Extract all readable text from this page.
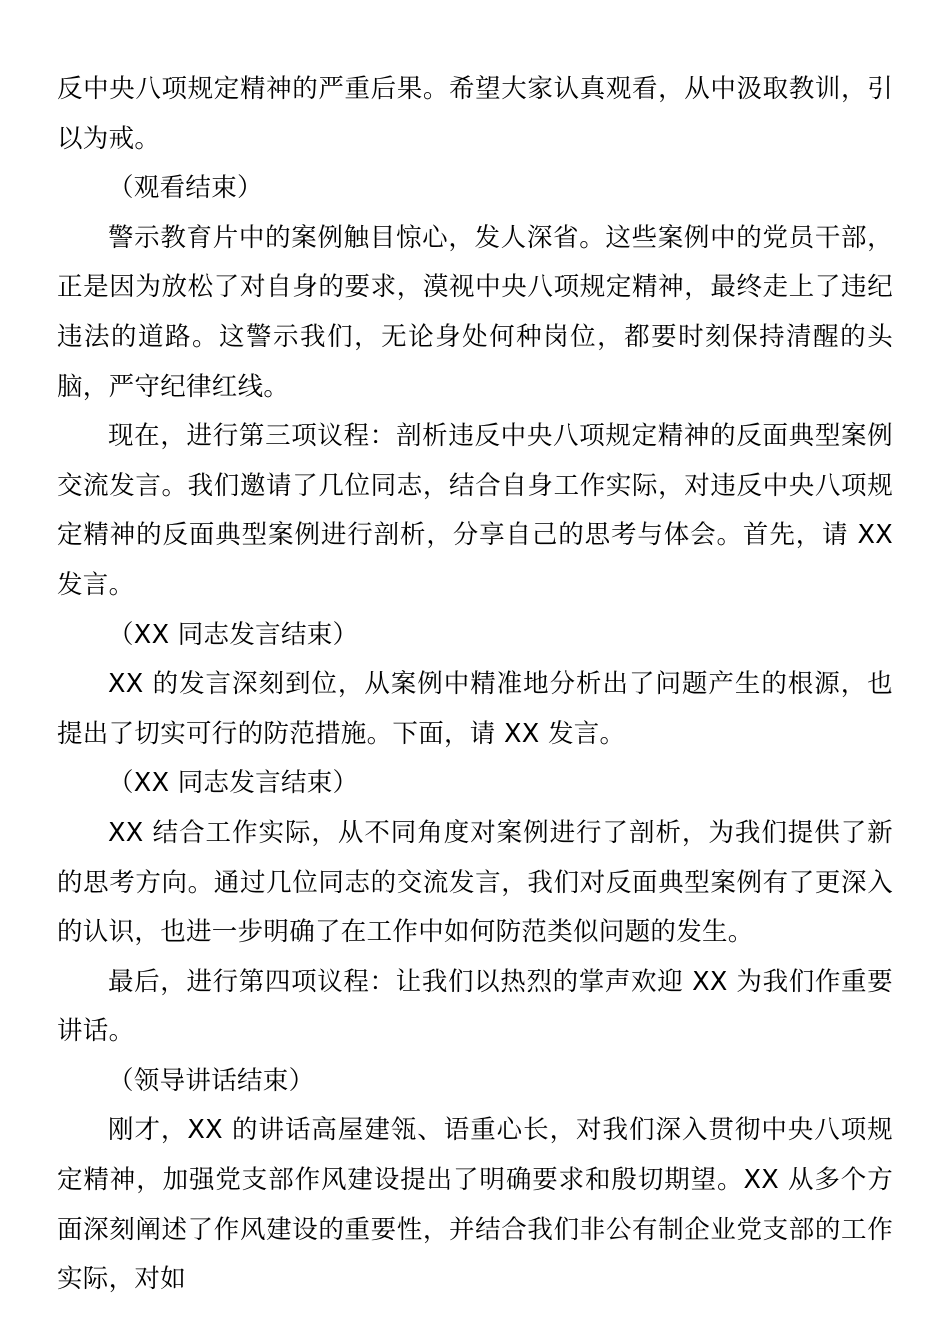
反中央八项规定精神的严重后果。希望大家认真观看，从中汲取教训，引以为戒。

（观看结束）

警示教育片中的案例触目惊心，发人深省。这些案例中的党员干部，正是因为放松了对自身的要求，漠视中央八项规定精神，最终走上了违纪违法的道路。这警示我们，无论身处何种岗位，都要时刻保持清醒的头脑，严守纪律红线。

现在，进行第三项议程：剖析违反中央八项规定精神的反面典型案例交流发言。我们邀请了几位同志，结合自身工作实际，对违反中央八项规定精神的反面典型案例进行剖析，分享自己的思考与体会。首先，请 XX 发言。

（XX 同志发言结束）

XX 的发言深刻到位，从案例中精准地分析出了问题产生的根源，也提出了切实可行的防范措施。下面，请 XX 发言。

（XX 同志发言结束）

XX 结合工作实际，从不同角度对案例进行了剖析，为我们提供了新的思考方向。通过几位同志的交流发言，我们对反面典型案例有了更深入的认识，也进一步明确了在工作中如何防范类似问题的发生。

最后，进行第四项议程：让我们以热烈的掌声欢迎 XX 为我们作重要讲话。

（领导讲话结束）

刚才，XX 的讲话高屋建瓴、语重心长，对我们深入贯彻中央八项规定精神，加强党支部作风建设提出了明确要求和殷切期望。XX 从多个方面深刻阐述了作风建设的重要性，并结合我们非公有制企业党支部的工作实际，对如
